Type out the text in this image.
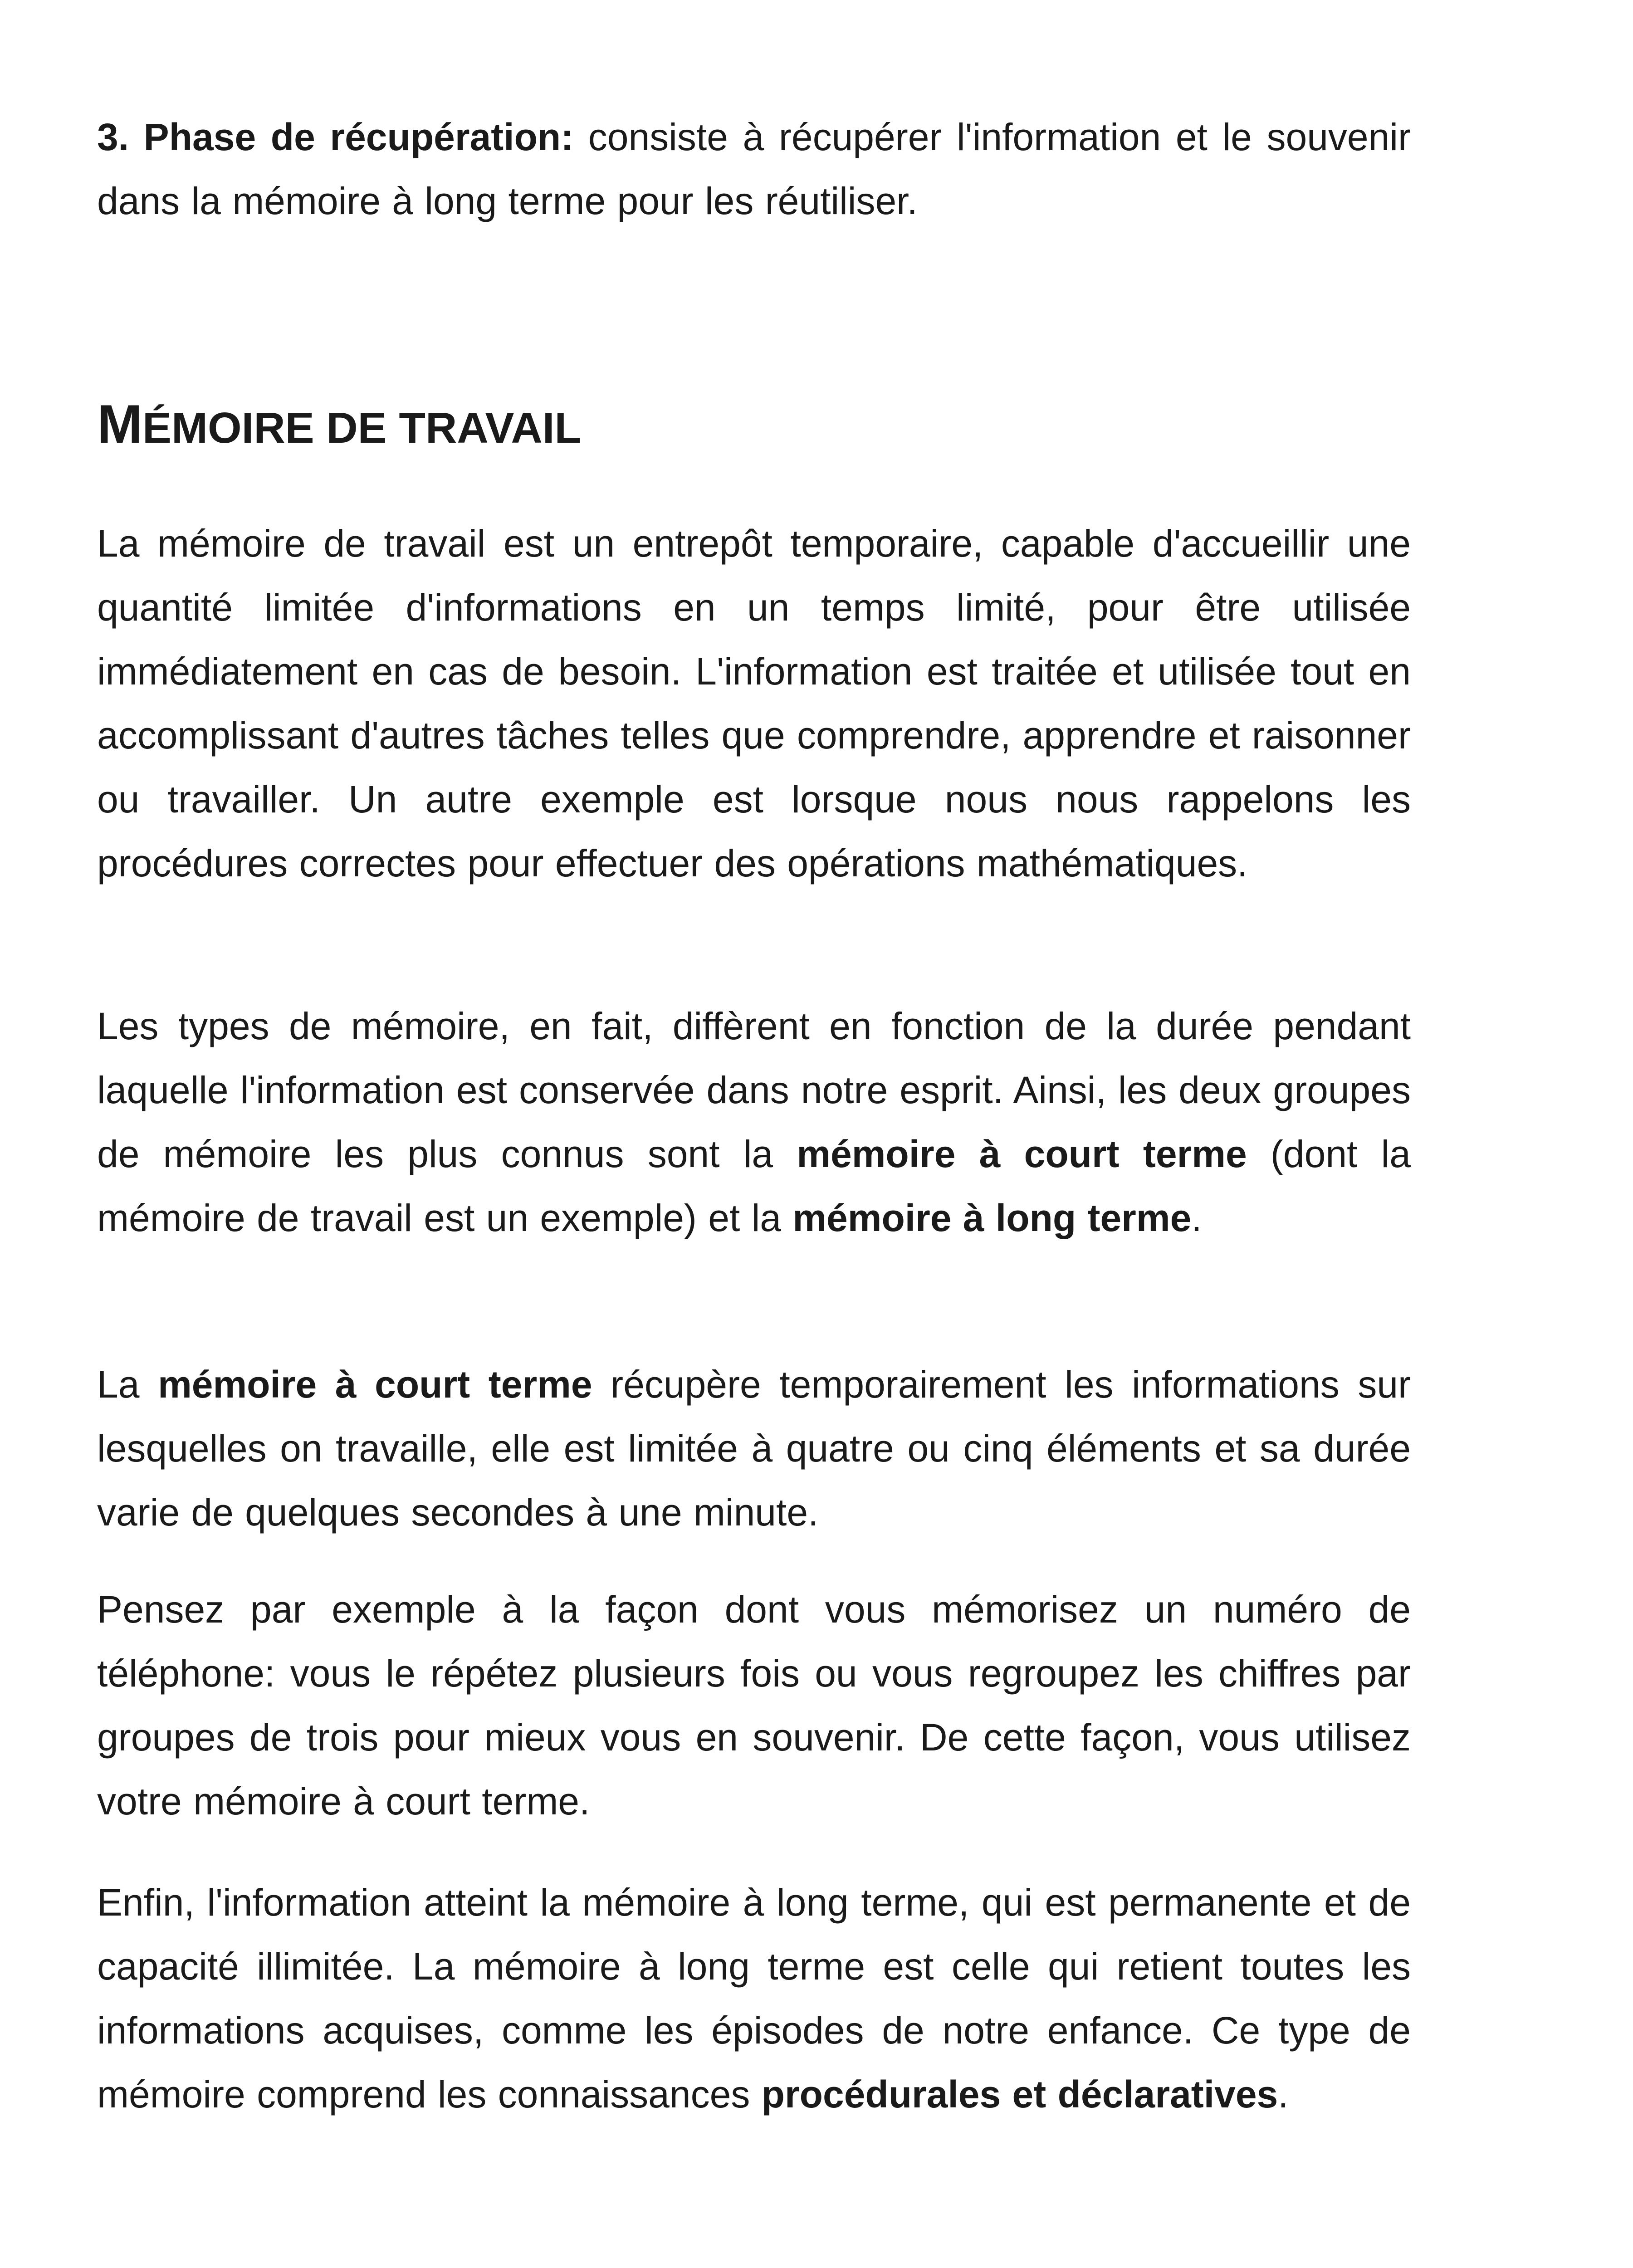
3. Phase de récupération: consiste à récupérer l'information et le souvenir dans la mémoire à long terme pour les réutiliser.

MÉMOIRE DE TRAVAIL

La mémoire de travail est un entrepôt temporaire, capable d'accueillir une quantité limitée d'informations en un temps limité, pour être utilisée immédiatement en cas de besoin. L'information est traitée et utilisée tout en accomplissant d'autres tâches telles que comprendre, apprendre et raisonner ou travailler. Un autre exemple est lorsque nous nous rappelons les procédures correctes pour effectuer des opérations mathématiques.

Les types de mémoire, en fait, diffèrent en fonction de la durée pendant laquelle l'information est conservée dans notre esprit. Ainsi, les deux groupes de mémoire les plus connus sont la mémoire à court terme (dont la mémoire de travail est un exemple) et la mémoire à long terme.

La mémoire à court terme récupère temporairement les informations sur lesquelles on travaille, elle est limitée à quatre ou cinq éléments et sa durée varie de quelques secondes à une minute.

Pensez par exemple à la façon dont vous mémorisez un numéro de téléphone: vous le répétez plusieurs fois ou vous regroupez les chiffres par groupes de trois pour mieux vous en souvenir. De cette façon, vous utilisez votre mémoire à court terme.

Enfin, l'information atteint la mémoire à long terme, qui est permanente et de capacité illimitée. La mémoire à long terme est celle qui retient toutes les informations acquises, comme les épisodes de notre enfance. Ce type de mémoire comprend les connaissances procédurales et déclaratives.
